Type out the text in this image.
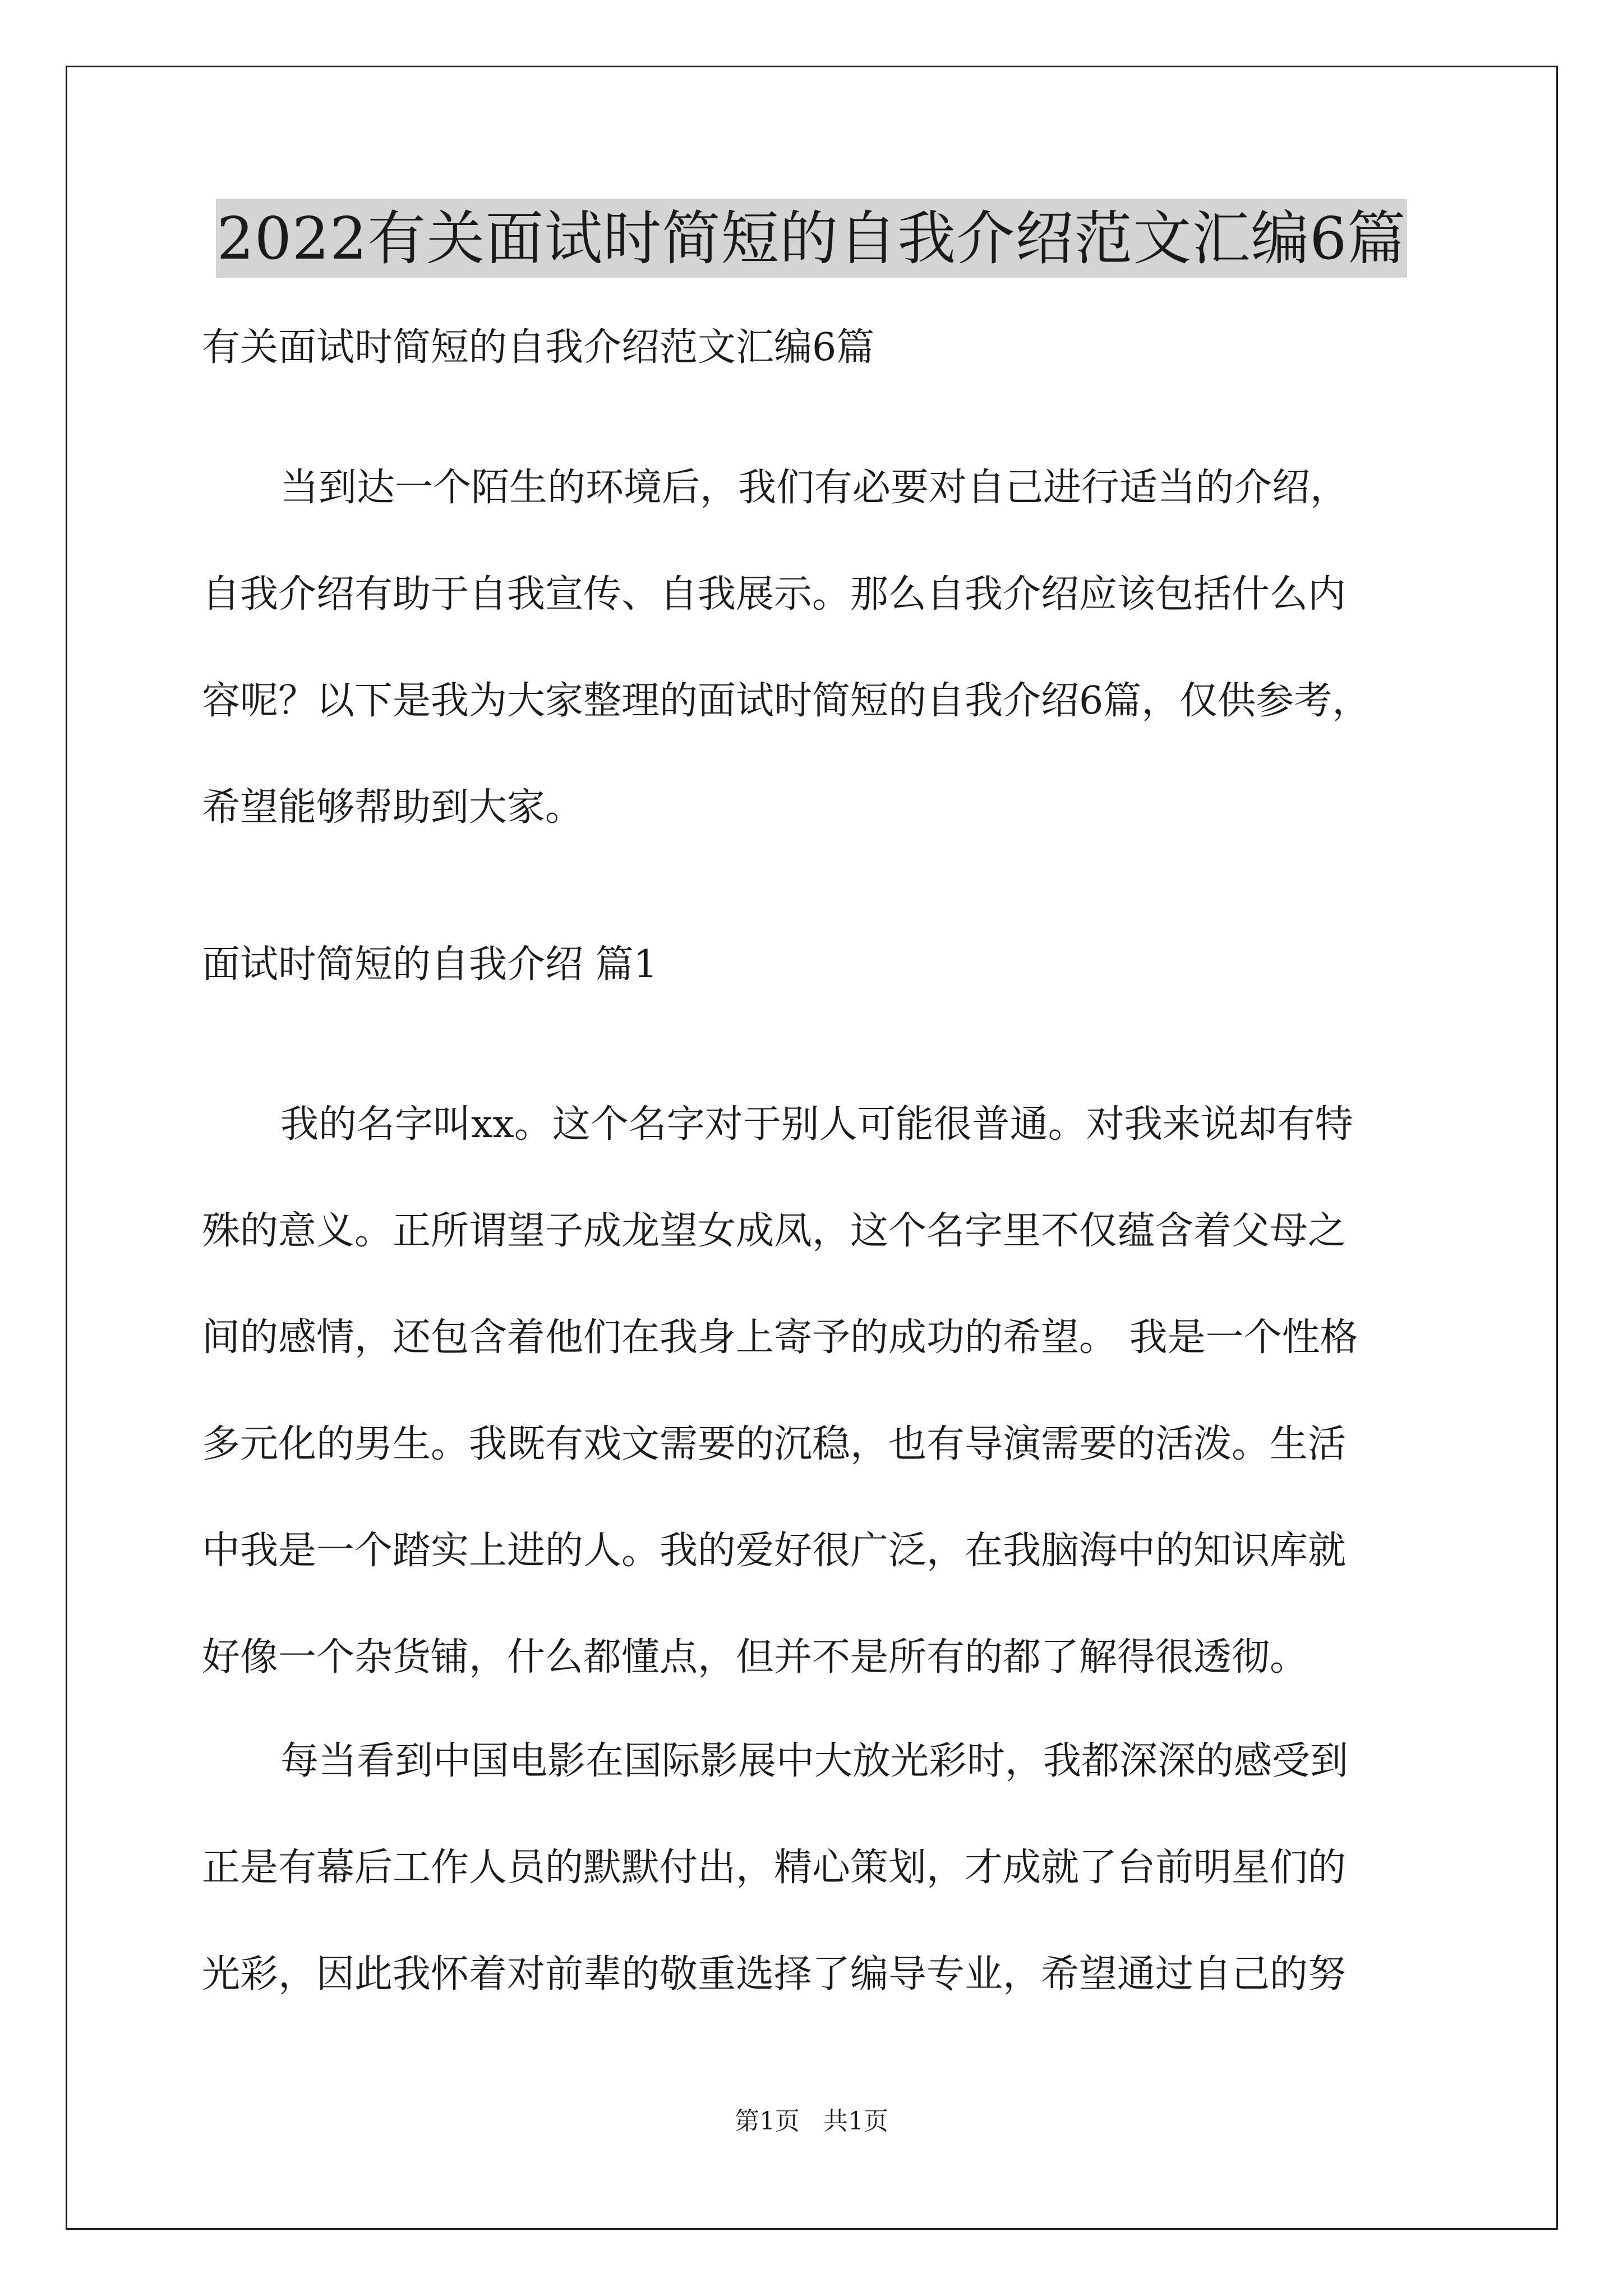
2022有关面试时简短的自我介绍范文汇编6篇
有关面试时简短的自我介绍范文汇编6篇
当到达一个陌生的环境后，我们有必要对自己进行适当的介绍，
自我介绍有助于自我宣传、自我展示。那么自我介绍应该包括什么内
容呢？以下是我为大家整理的面试时简短的自我介绍6篇，仅供参考，
希望能够帮助到大家。
面试时简短的自我介绍 篇1
我的名字叫xx。这个名字对于别人可能很普通。对我来说却有特
殊的意义。正所谓望子成龙望女成凤，这个名字里不仅蕴含着父母之
间的感情，还包含着他们在我身上寄予的成功的希望。 我是一个性格
多元化的男生。我既有戏文需要的沉稳，也有导演需要的活泼。生活
中我是一个踏实上进的人。我的爱好很广泛，在我脑海中的知识库就
好像一个杂货铺，什么都懂点，但并不是所有的都了解得很透彻。
每当看到中国电影在国际影展中大放光彩时，我都深深的感受到
正是有幕后工作人员的默默付出，精心策划，才成就了台前明星们的
光彩，因此我怀着对前辈的敬重选择了编导专业，希望通过自己的努
第1页   共1页
